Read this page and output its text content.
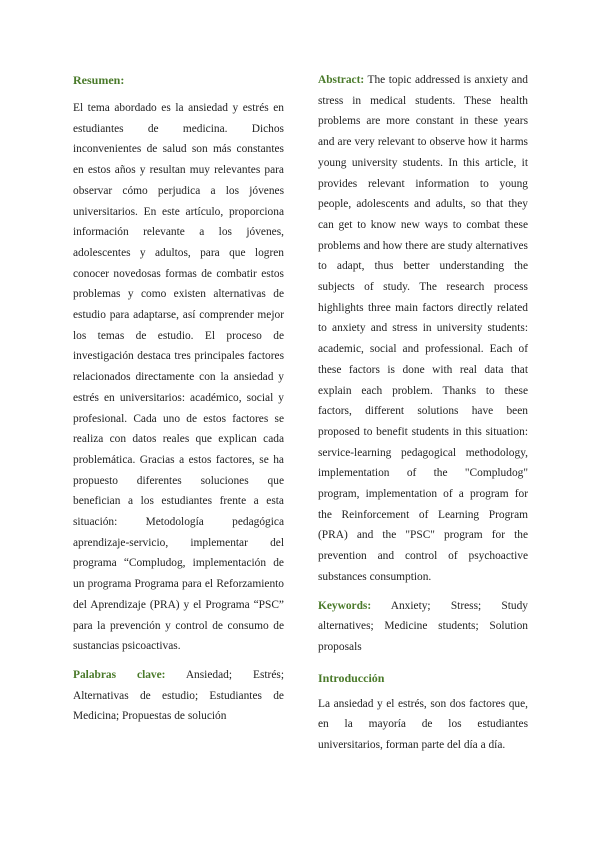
Resumen:

El tema abordado es la ansiedad y estrés en estudiantes de medicina. Dichos inconvenientes de salud son más constantes en estos años y resultan muy relevantes para observar cómo perjudica a los jóvenes universitarios. En este artículo, proporciona información relevante a los jóvenes, adolescentes y adultos, para que logren conocer novedosas formas de combatir estos problemas y como existen alternativas de estudio para adaptarse, así comprender mejor los temas de estudio. El proceso de investigación destaca tres principales factores relacionados directamente con la ansiedad y estrés en universitarios: académico, social y profesional. Cada uno de estos factores se realiza con datos reales que explican cada problemática. Gracias a estos factores, se ha propuesto diferentes soluciones que benefician a los estudiantes frente a esta situación: Metodología pedagógica aprendizaje-servicio, implementar del programa “Compludog, implementación de un programa Programa para el Reforzamiento del Aprendizaje (PRA) y el Programa “PSC” para la prevención y control de consumo de sustancias psicoactivas.

Palabras clave: Ansiedad; Estrés; Alternativas de estudio; Estudiantes de Medicina; Propuestas de solución

Abstract: The topic addressed is anxiety and stress in medical students. These health problems are more constant in these years and are very relevant to observe how it harms young university students. In this article, it provides relevant information to young people, adolescents and adults, so that they can get to know new ways to combat these problems and how there are study alternatives to adapt, thus better understanding the subjects of study. The research process highlights three main factors directly related to anxiety and stress in university students: academic, social and professional. Each of these factors is done with real data that explain each problem. Thanks to these factors, different solutions have been proposed to benefit students in this situation: service-learning pedagogical methodology, implementation of the "Compludog" program, implementation of a program for the Reinforcement of Learning Program (PRA) and the "PSC" program for the prevention and control of psychoactive substances consumption.

Keywords: Anxiety; Stress; Study alternatives; Medicine students; Solution proposals

Introducción

La ansiedad y el estrés, son dos factores que, en la mayoría de los estudiantes universitarios, forman parte del día a día.
